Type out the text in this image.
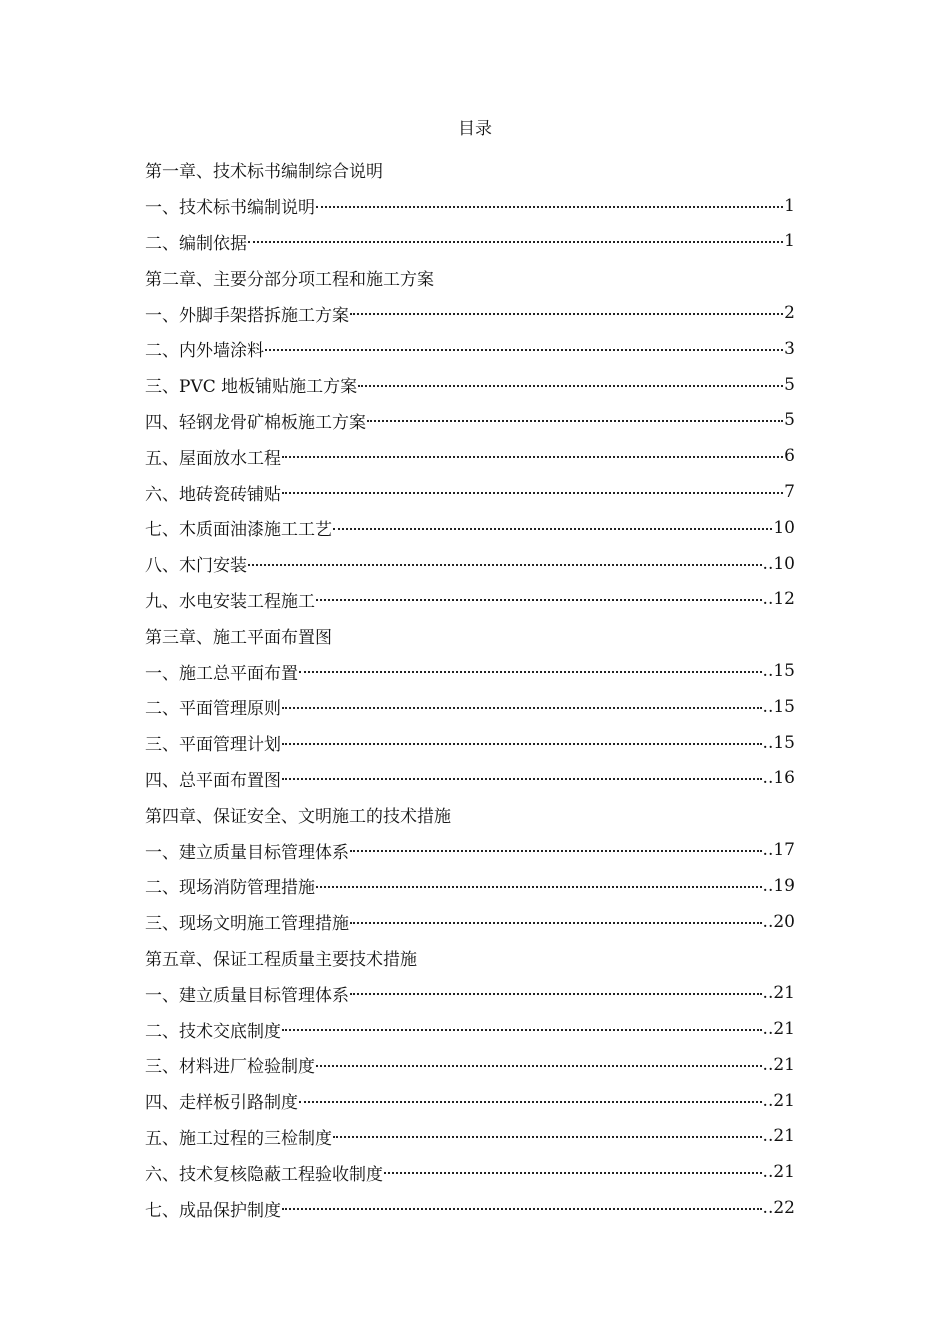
目录
第一章、技术标书编制综合说明
一、技术标书编制说明	1
二、编制依据	1
第二章、主要分部分项工程和施工方案
一、外脚手架搭拆施工方案	2
二、内外墙涂料	3
三、PVC 地板铺贴施工方案	5
四、轻钢龙骨矿棉板施工方案	5
五、屋面放水工程	6
六、地砖瓷砖铺贴	7
七、木质面油漆施工工艺	10
八、木门安装	..10
九、水电安装工程施工	..12
第三章、施工平面布置图
一、施工总平面布置	..15
二、平面管理原则	..15
三、平面管理计划	..15
四、总平面布置图	..16
第四章、保证安全、文明施工的技术措施
一、建立质量目标管理体系	..17
二、现场消防管理措施	..19
三、现场文明施工管理措施	..20
第五章、保证工程质量主要技术措施
一、建立质量目标管理体系	..21
二、技术交底制度	..21
三、材料进厂检验制度	..21
四、走样板引路制度	..21
五、施工过程的三检制度	..21
六、技术复核隐蔽工程验收制度	..21
七、成品保护制度	..22
